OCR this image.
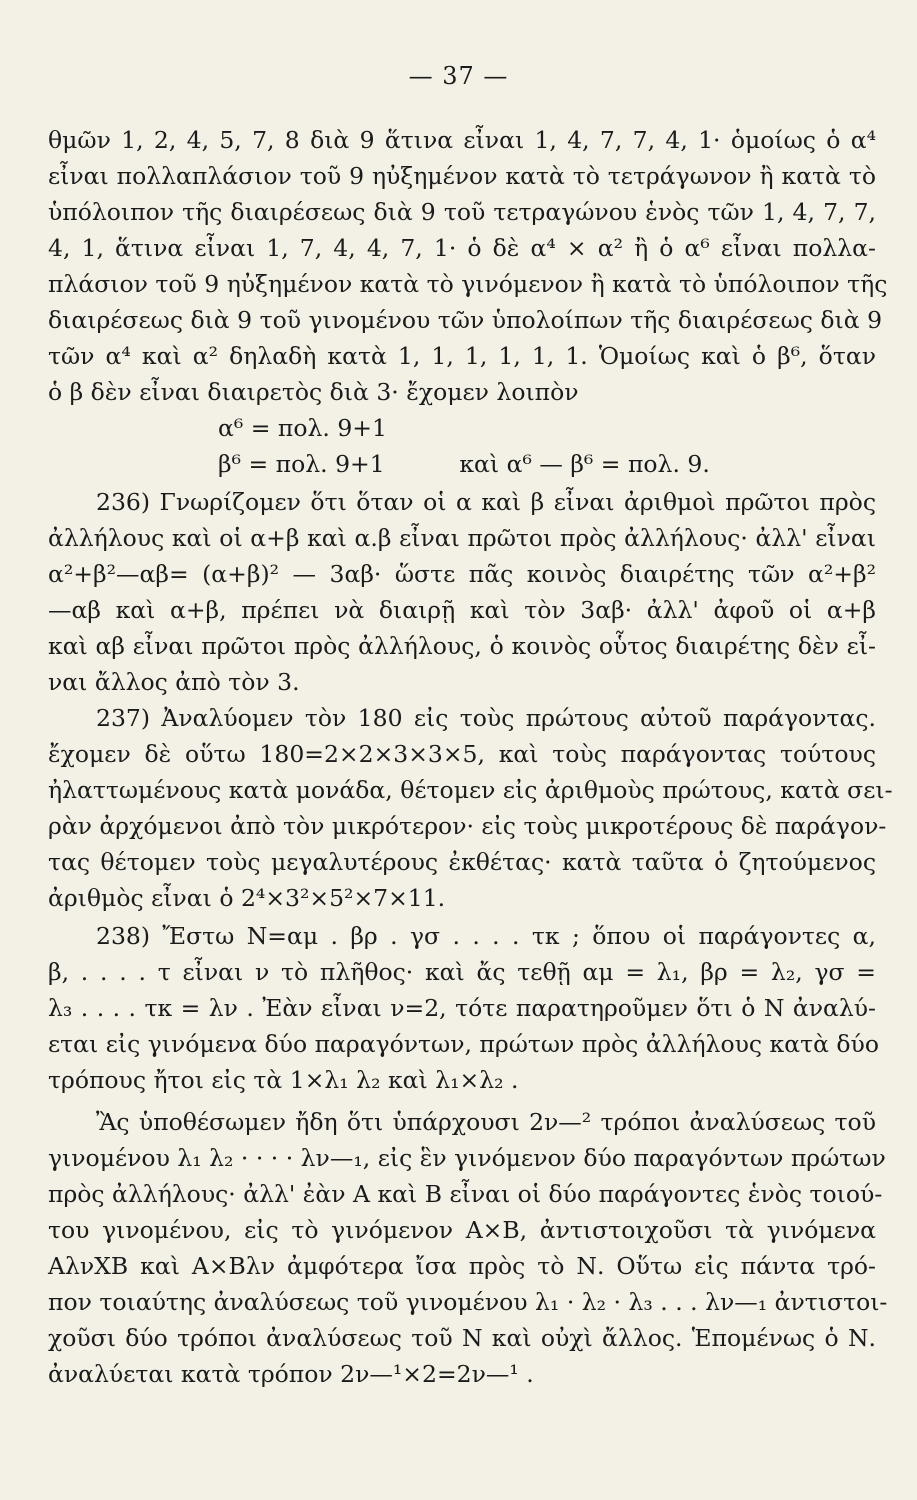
— 37 —
θμῶν 1, 2, 4, 5, 7, 8 διὰ 9 ἅτινα εἶναι 1, 4, 7, 7, 4, 1· ὁμοίως ὁ α⁴
εἶναι πολλαπλάσιον τοῦ 9 ηὐξημένον κατὰ τὸ τετράγωνον ἢ κατὰ τὸ
ὑπόλοιπον τῆς διαιρέσεως διὰ 9 τοῦ τετραγώνου ἑνὸς τῶν 1, 4, 7, 7,
4, 1, ἅτινα εἶναι 1, 7, 4, 4, 7, 1· ὁ δὲ α⁴ × α² ἢ ὁ α⁶ εἶναι πολλα-
πλάσιον τοῦ 9 ηὐξημένον κατὰ τὸ γινόμενον ἢ κατὰ τὸ ὑπόλοιπον τῆς
διαιρέσεως διὰ 9 τοῦ γινομένου τῶν ὑπολοίπων τῆς διαιρέσεως διὰ 9
τῶν α⁴ καὶ α² δηλαδὴ κατὰ 1, 1, 1, 1, 1, 1. Ὁμοίως καὶ ὁ β⁶, ὅταν
ὁ β δὲν εἶναι διαιρετὸς διὰ 3· ἔχομεν λοιπὸν
α⁶ = πολ. 9+1
β⁶ = πολ. 9+1          καὶ α⁶ — β⁶ = πολ. 9.
236) Γνωρίζομεν ὅτι ὅταν οἱ α καὶ β εἶναι ἀριθμοὶ πρῶτοι πρὸς
ἀλλήλους καὶ οἱ α+β καὶ α.β εἶναι πρῶτοι πρὸς ἀλλήλους· ἀλλ' εἶναι
α²+β²—αβ= (α+β)² — 3αβ· ὥστε πᾶς κοινὸς διαιρέτης τῶν α²+β²
—αβ καὶ α+β, πρέπει νὰ διαιρῇ καὶ τὸν 3αβ· ἀλλ' ἀφοῦ οἱ α+β
καὶ αβ εἶναι πρῶτοι πρὸς ἀλλήλους, ὁ κοινὸς οὗτος διαιρέτης δὲν εἶ-
ναι ἄλλος ἀπὸ τὸν 3.
237) Ἀναλύομεν τὸν 180 εἰς τοὺς πρώτους αὐτοῦ παράγοντας.
ἔχομεν δὲ οὕτω 180=2×2×3×3×5, καὶ τοὺς παράγοντας τούτους
ἠλαττωμένους κατὰ μονάδα, θέτομεν εἰς ἀριθμοὺς πρώτους, κατὰ σει-
ρὰν ἀρχόμενοι ἀπὸ τὸν μικρότερον· εἰς τοὺς μικροτέρους δὲ παράγον-
τας θέτομεν τοὺς μεγαλυτέρους ἐκθέτας· κατὰ ταῦτα ὁ ζητούμενος
ἀριθμὸς εἶναι ὁ 2⁴×3²×5²×7×11.
238) Ἔστω Ν=αμ . βρ . γσ . . . . τκ ; ὅπου οἱ παράγοντες α,
β, . . . . τ εἶναι ν τὸ πλῆθος· καὶ ἄς τεθῇ αμ = λ₁, βρ = λ₂, γσ =
λ₃ . . . . τκ = λν . Ἐὰν εἶναι ν=2, τότε παρατηροῦμεν ὅτι ὁ Ν ἀναλύ-
εται εἰς γινόμενα δύο παραγόντων, πρώτων πρὸς ἀλλήλους κατὰ δύο
τρόπους ἤτοι εἰς τὰ 1×λ₁ λ₂ καὶ λ₁×λ₂ .
Ἂς ὑποθέσωμεν ἤδη ὅτι ὑπάρχουσι 2ν—² τρόποι ἀναλύσεως τοῦ
γινομένου λ₁ λ₂ · · · · λν—₁, εἰς ἓν γινόμενον δύο παραγόντων πρώτων
πρὸς ἀλλήλους· ἀλλ' ἐὰν Α καὶ Β εἶναι οἱ δύο παράγοντες ἑνὸς τοιού-
του γινομένου, εἰς τὸ γινόμενον Α×Β, ἀντιστοιχοῦσι τὰ γινόμενα
ΑλνΧΒ καὶ Α×Βλν ἀμφότερα ἴσα πρὸς τὸ Ν. Οὕτω εἰς πάντα τρό-
πον τοιαύτης ἀναλύσεως τοῦ γινομένου λ₁ · λ₂ · λ₃ . . . λν—₁ ἀντιστοι-
χοῦσι δύο τρόποι ἀναλύσεως τοῦ Ν καὶ οὐχὶ ἄλλος. Ἑπομένως ὁ Ν.
ἀναλύεται κατὰ τρόπον 2ν—¹×2=2ν—¹ .
